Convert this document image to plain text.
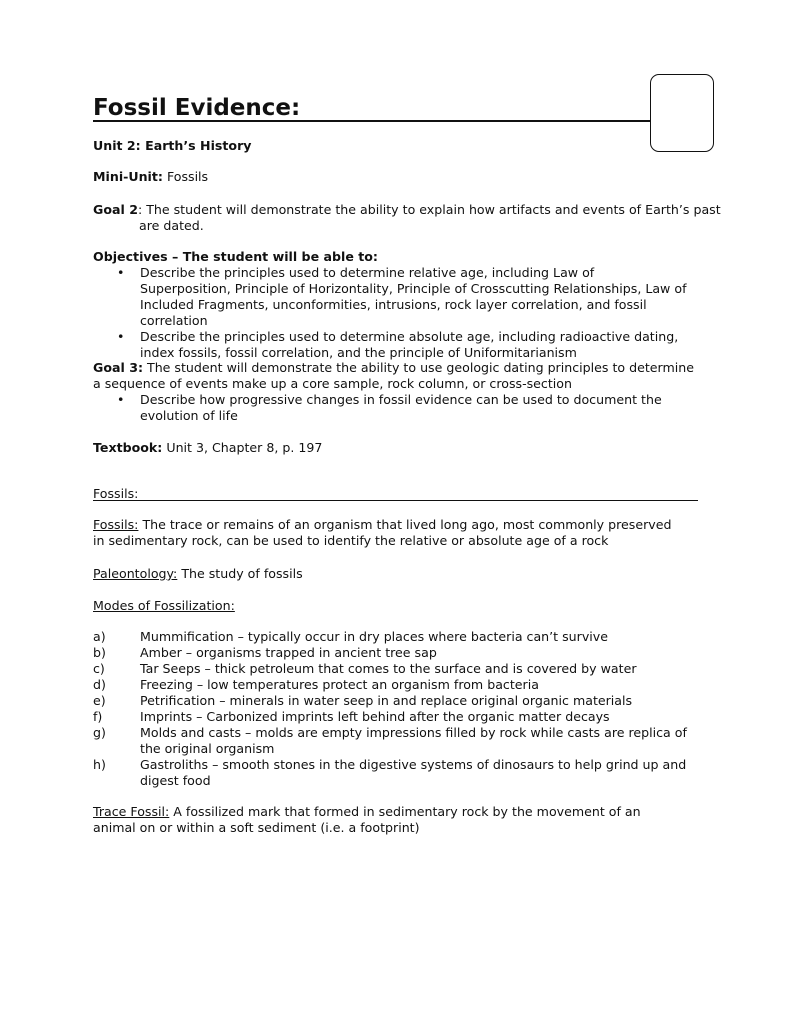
Fossil Evidence:
Unit 2: Earth’s History
Mini-Unit: Fossils
Goal 2: The student will demonstrate the ability to explain how artifacts and events of Earth’s past are dated.
Objectives – The student will be able to:
• Describe the principles used to determine relative age, including Law of Superposition, Principle of Horizontality, Principle of Crosscutting Relationships, Law of Included Fragments, unconformities, intrusions, rock layer correlation, and fossil correlation
• Describe the principles used to determine absolute age, including radioactive dating, index fossils, fossil correlation, and the principle of Uniformitarianism
Goal 3: The student will demonstrate the ability to use geologic dating principles to determine a sequence of events make up a core sample, rock column, or cross-section
• Describe how progressive changes in fossil evidence can be used to document the evolution of life
Textbook: Unit 3, Chapter 8, p. 197
Fossils:
Fossils: The trace or remains of an organism that lived long ago, most commonly preserved in sedimentary rock, can be used to identify the relative or absolute age of a rock
Paleontology: The study of fossils
Modes of Fossilization:
a)	Mummification – typically occur in dry places where bacteria can’t survive
b)	Amber – organisms trapped in ancient tree sap
c)	Tar Seeps – thick petroleum that comes to the surface and is covered by water
d)	Freezing – low temperatures protect an organism from bacteria
e)	Petrification – minerals in water seep in and replace original organic materials
f)	Imprints – Carbonized imprints left behind after the organic matter decays
g)	Molds and casts – molds are empty impressions filled by rock while casts are replica of the original organism
h)	Gastroliths – smooth stones in the digestive systems of dinosaurs to help grind up and digest food
Trace Fossil: A fossilized mark that formed in sedimentary rock by the movement of an animal on or within a soft sediment (i.e. a footprint)
